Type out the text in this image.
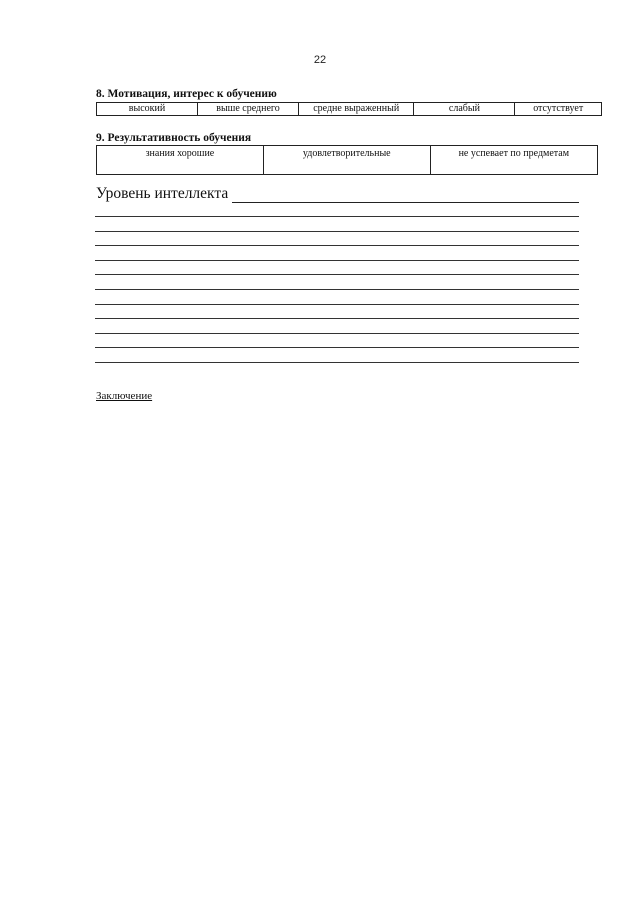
22
8. Мотивация, интерес к обучению
высокий	выше среднего	средне выраженный	слабый	отсутствует
9. Результативность обучения
знания хорошие	удовлетворительные	не успевает по предметам
Уровень интеллекта
Заключение
